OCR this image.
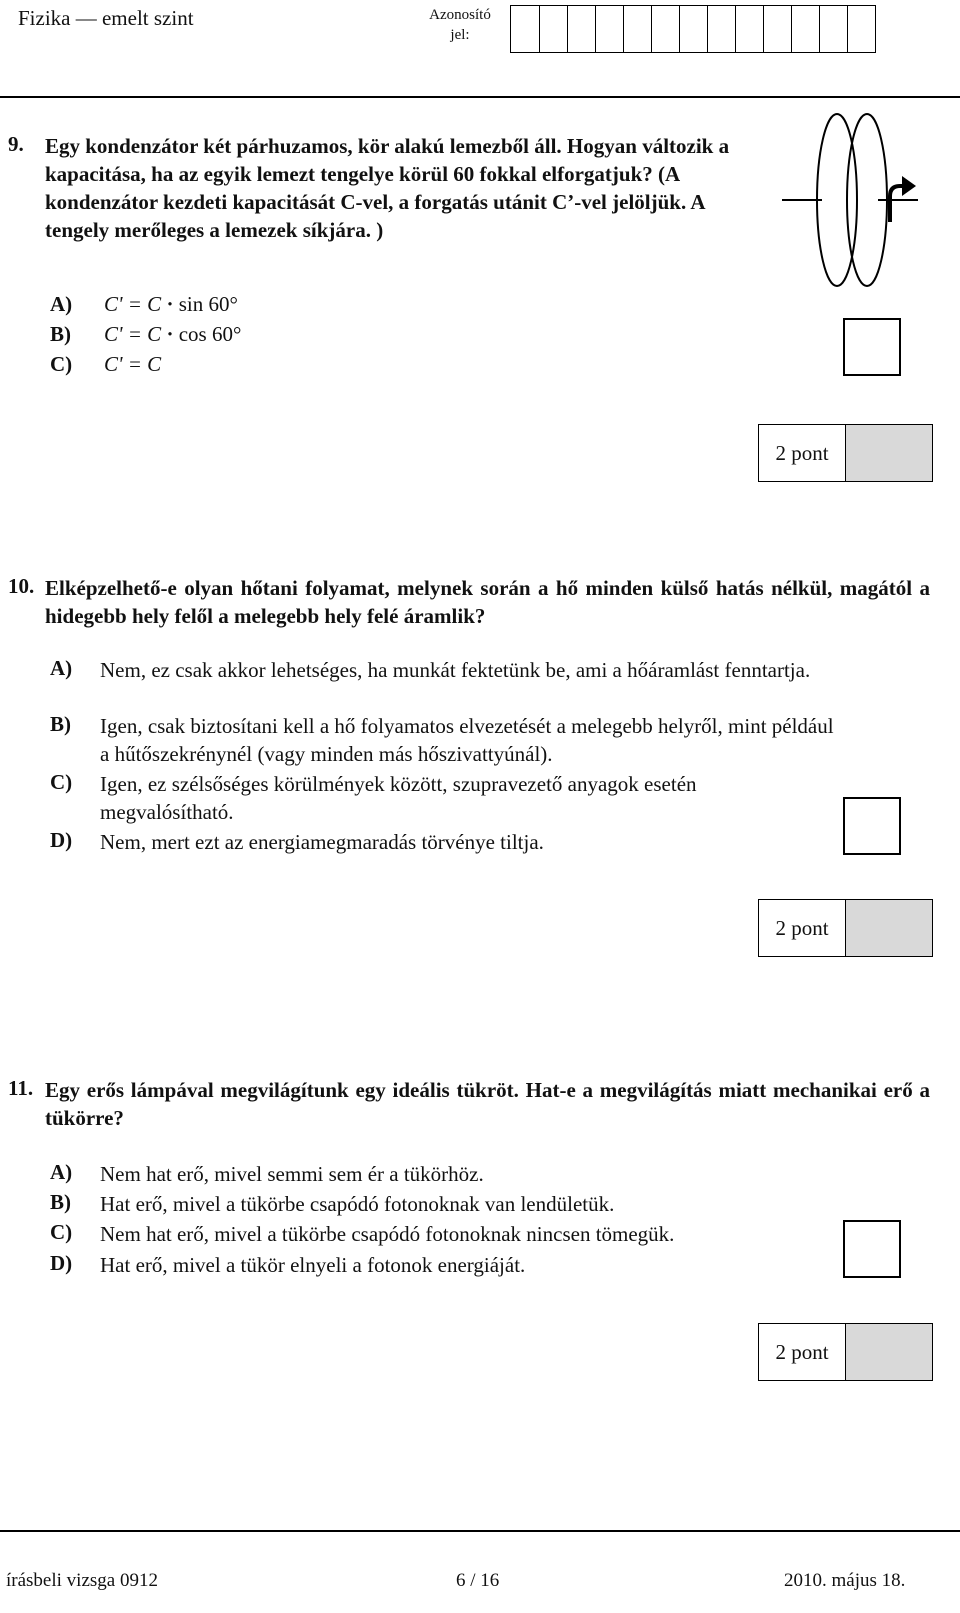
Fizika — emelt szint	Azonosító
jel:
9. Egy kondenzátor két párhuzamos, kör alakú lemezből áll. Hogyan változik a kapacitása, ha az egyik lemezt tengelye körül 60 fokkal elforgatjuk? (A kondenzátor kezdeti kapacitását C-vel, a forgatás utánit C’-vel jelöljük. A tengely merőleges a lemezek síkjára. )
A)	C' = C · sin 60°
B)	C' = C · cos 60°
C)	C' = C
2 pont
10. Elképzelhető-e olyan hőtani folyamat, melynek során a hő minden külső hatás nélkül, magától a hidegebb hely felől a melegebb hely felé áramlik?
A)	Nem, ez csak akkor lehetséges, ha munkát fektetünk be, ami a hőáramlást fenntartja.
B)	Igen, csak biztosítani kell a hő folyamatos elvezetését a melegebb helyről, mint például a hűtőszekrénynél (vagy minden más hőszivattyúnál).
C)	Igen, ez szélsőséges körülmények között, szupravezető anyagok esetén megvalósítható.
D)	Nem, mert ezt az energiamegmaradás törvénye tiltja.
2 pont
11. Egy erős lámpával megvilágítunk egy ideális tükröt. Hat-e a megvilágítás miatt mechanikai erő a tükörre?
A)	Nem hat erő, mivel semmi sem ér a tükörhöz.
B)	Hat erő, mivel a tükörbe csapódó fotonoknak van lendületük.
C)	Nem hat erő, mivel a tükörbe csapódó fotonoknak nincsen tömegük.
D)	Hat erő, mivel a tükör elnyeli a fotonok energiáját.
2 pont
írásbeli vizsga 0912	6 / 16	2010. május 18.
